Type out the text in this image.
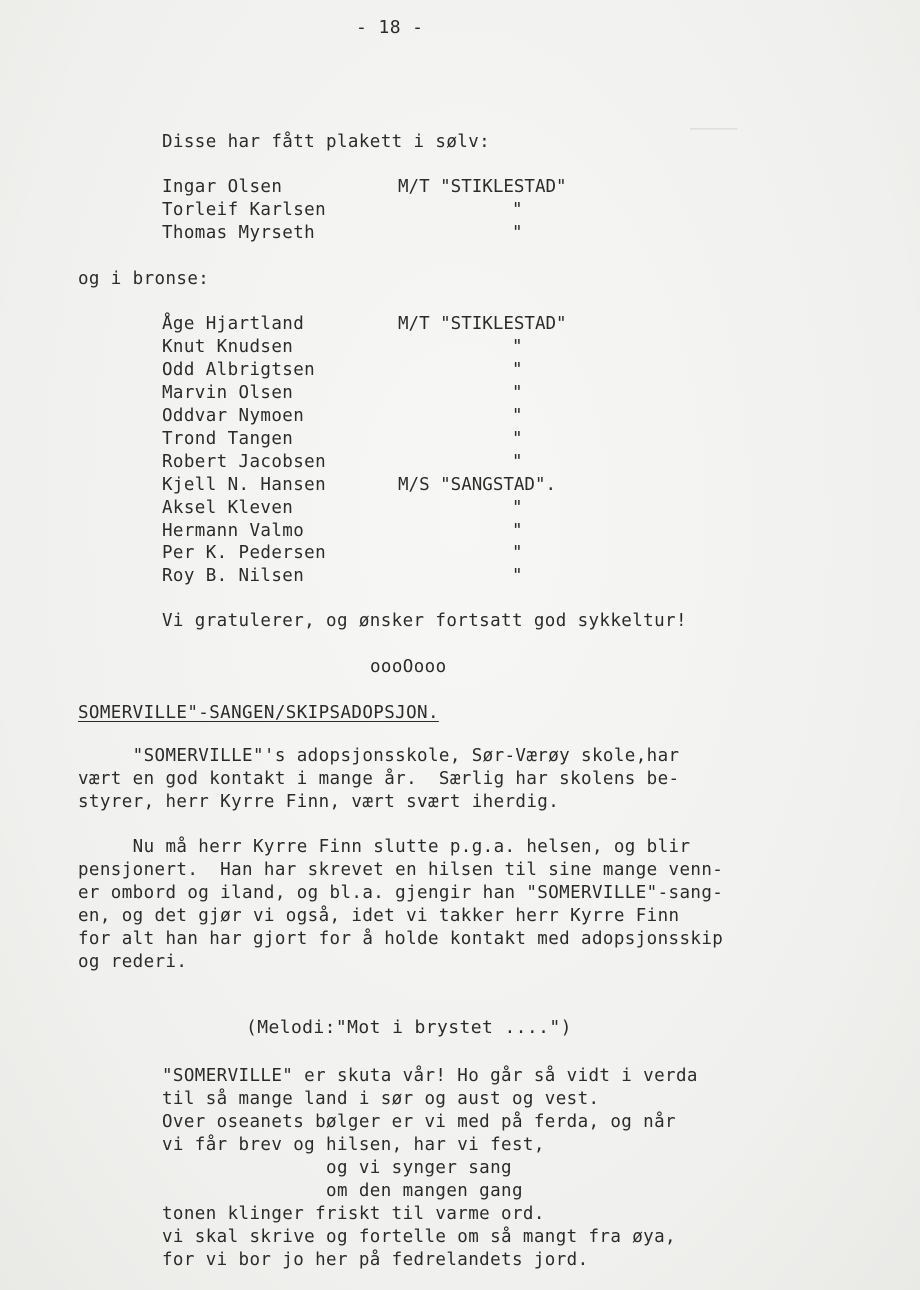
─────
- 18 -
Disse har fått plakett i sølv:
Ingar Olsen	M/T "STIKLESTAD"
Torleif Karlsen	"
Thomas Myrseth	"
og i bronse:
Åge Hjartland	M/T "STIKLESTAD"
Knut Knudsen	"
Odd Albrigtsen	"
Marvin Olsen	"
Oddvar Nymoen	"
Trond Tangen	"
Robert Jacobsen	"
Kjell N. Hansen	M/S "SANGSTAD".
Aksel Kleven	"
Hermann Valmo	"
Per K. Pedersen	"
Roy B. Nilsen	"
Vi gratulerer, og ønsker fortsatt god sykkeltur!
oooOooo
SOMERVILLE"-SANGEN/SKIPSADOPSJON.
"SOMERVILLE"'s adopsjonsskole, Sør-Værøy skole,har
vært en god kontakt i mange år.  Særlig har skolens be-
styrer, herr Kyrre Finn, vært svært iherdig.
Nu må herr Kyrre Finn slutte p.g.a. helsen, og blir
pensjonert.  Han har skrevet en hilsen til sine mange venn-
er ombord og iland, og bl.a. gjengir han "SOMERVILLE"-sang-
en, og det gjør vi også, idet vi takker herr Kyrre Finn
for alt han har gjort for å holde kontakt med adopsjonsskip
og rederi.
(Melodi:"Mot i brystet ....")
"SOMERVILLE" er skuta vår! Ho går så vidt i verda
til så mange land i sør og aust og vest.
Over oseanets bølger er vi med på ferda, og når
vi får brev og hilsen, har vi fest,
og vi synger sang
om den mangen gang
tonen klinger friskt til varme ord.
vi skal skrive og fortelle om så mangt fra øya,
for vi bor jo her på fedrelandets jord.
